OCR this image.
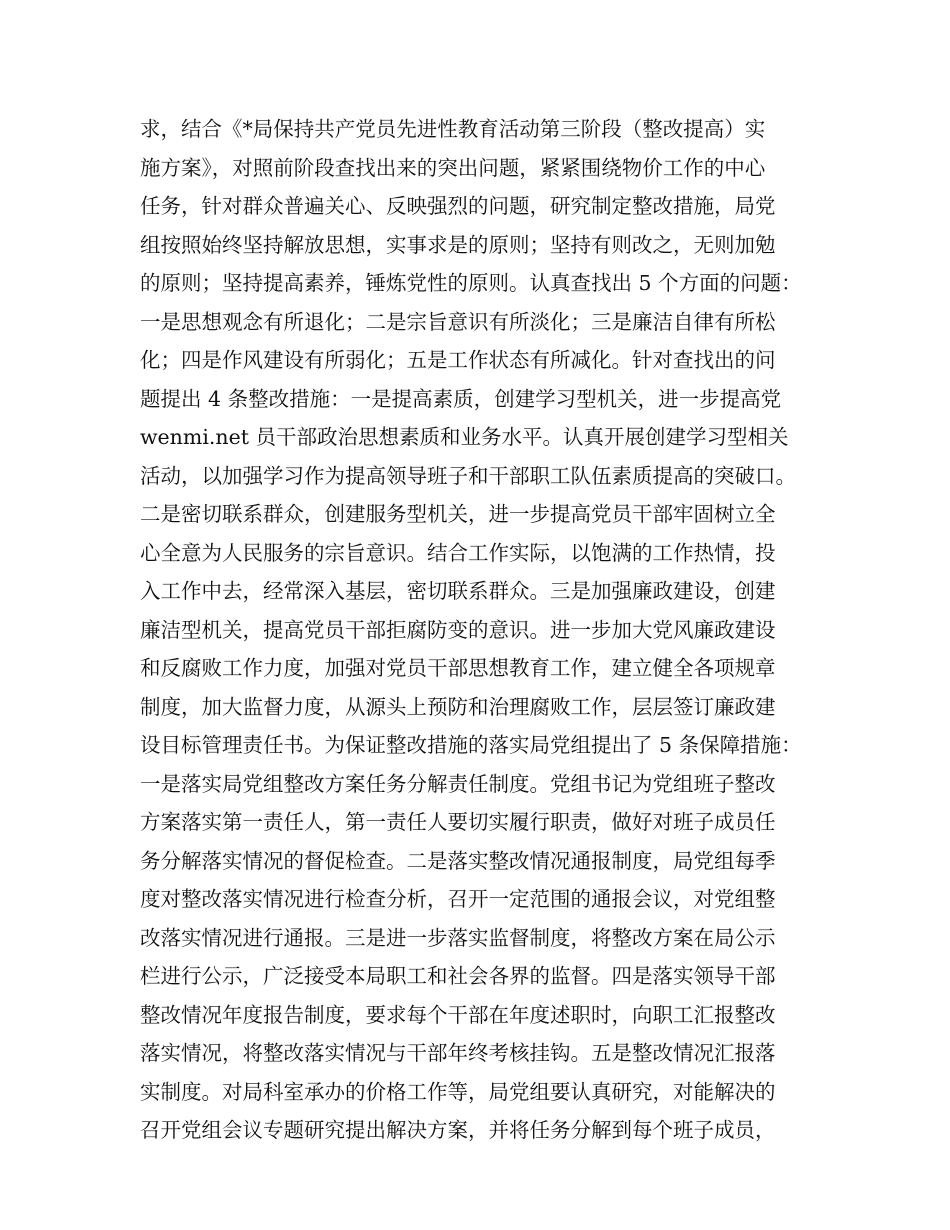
求，结合《*局保持共产党员先进性教育活动第三阶段（整改提高）实
施方案》，对照前阶段查找出来的突出问题，紧紧围绕物价工作的中心
任务，针对群众普遍关心、反映强烈的问题，研究制定整改措施，局党
组按照始终坚持解放思想，实事求是的原则；坚持有则改之，无则加勉
的原则；坚持提高素养，锤炼党性的原则。认真查找出 5 个方面的问题：
一是思想观念有所退化；二是宗旨意识有所淡化；三是廉洁自律有所松
化；四是作风建设有所弱化；五是工作状态有所减化。针对查找出的问
题提出 4 条整改措施：一是提高素质，创建学习型机关，进一步提高党
wenmi.net 员干部政治思想素质和业务水平。认真开展创建学习型相关
活动，以加强学习作为提高领导班子和干部职工队伍素质提高的突破口。
二是密切联系群众，创建服务型机关，进一步提高党员干部牢固树立全
心全意为人民服务的宗旨意识。结合工作实际，以饱满的工作热情，投
入工作中去，经常深入基层，密切联系群众。三是加强廉政建设，创建
廉洁型机关，提高党员干部拒腐防变的意识。进一步加大党风廉政建设
和反腐败工作力度，加强对党员干部思想教育工作，建立健全各项规章
制度，加大监督力度，从源头上预防和治理腐败工作，层层签订廉政建
设目标管理责任书。为保证整改措施的落实局党组提出了 5 条保障措施：
一是落实局党组整改方案任务分解责任制度。党组书记为党组班子整改
方案落实第一责任人，第一责任人要切实履行职责，做好对班子成员任
务分解落实情况的督促检查。二是落实整改情况通报制度，局党组每季
度对整改落实情况进行检查分析，召开一定范围的通报会议，对党组整
改落实情况进行通报。三是进一步落实监督制度，将整改方案在局公示
栏进行公示，广泛接受本局职工和社会各界的监督。四是落实领导干部
整改情况年度报告制度，要求每个干部在年度述职时，向职工汇报整改
落实情况，将整改落实情况与干部年终考核挂钩。五是整改情况汇报落
实制度。对局科室承办的价格工作等，局党组要认真研究，对能解决的
召开党组会议专题研究提出解决方案，并将任务分解到每个班子成员，
